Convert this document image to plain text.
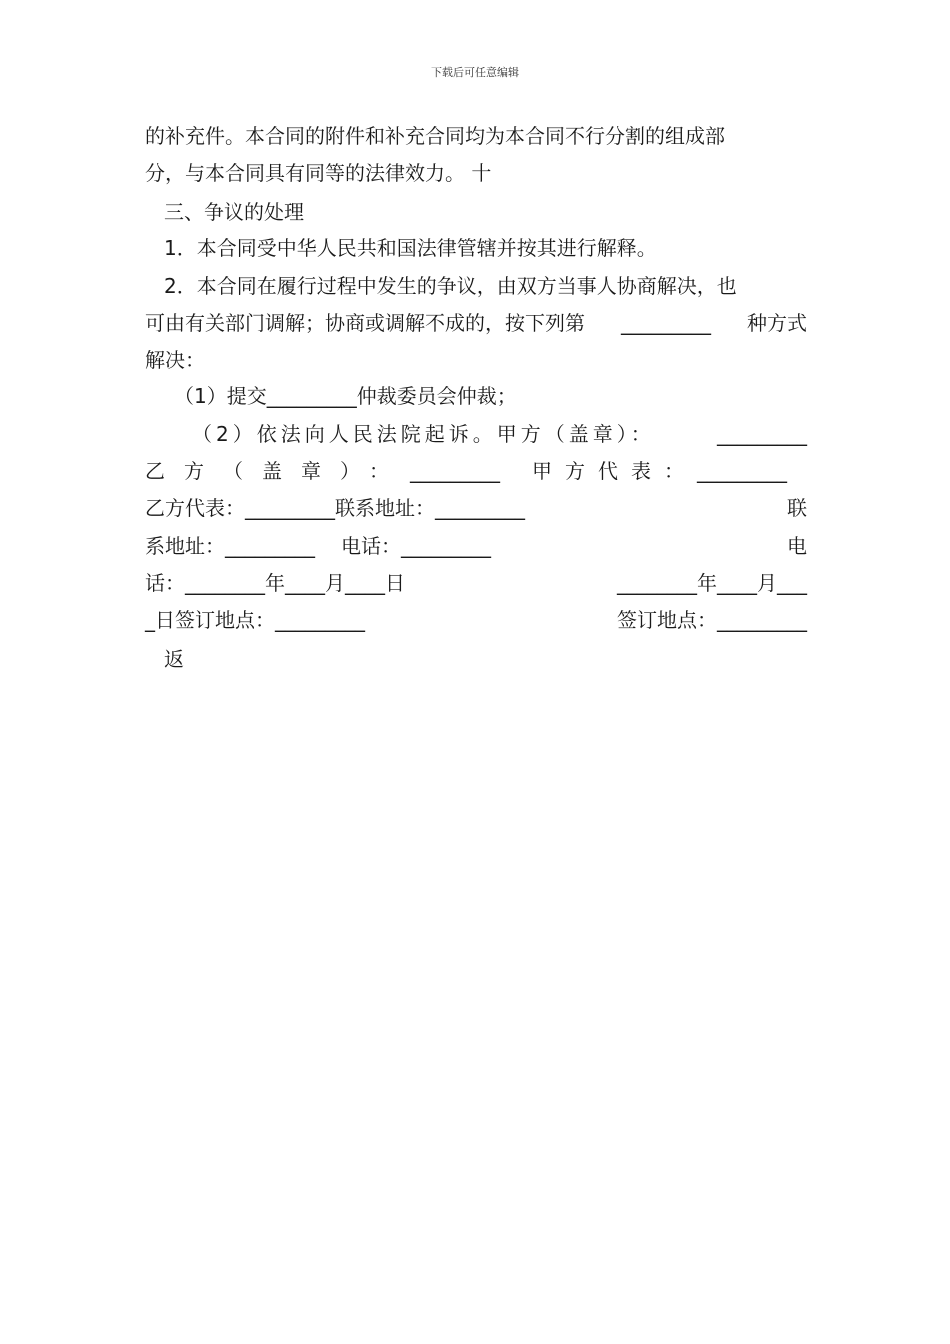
下载后可任意编辑
的补充件。本合同的附件和补充合同均为本合同不行分割的组成部
分，与本合同具有同等的法律效力。 十
三、争议的处理
1．本合同受中华人民共和国法律管辖并按其进行解释。
2．本合同在履行过程中发生的争议，由双方当事人协商解决，也
可由有关部门调解；协商或调解不成的，按下列第 _________ 种方式
解决：
（1）提交_________仲裁委员会仲裁；
（2）依法向人民法院起诉。甲方（盖章）：	_________
乙方（盖章）： _________ 甲方代表：_________
乙方代表：_________联系地址：_________	联
系地址：_________ 电话：_________	电
话：________年____月____日	________年____月___
_日签订地点：_________	签订地点：_________
返
